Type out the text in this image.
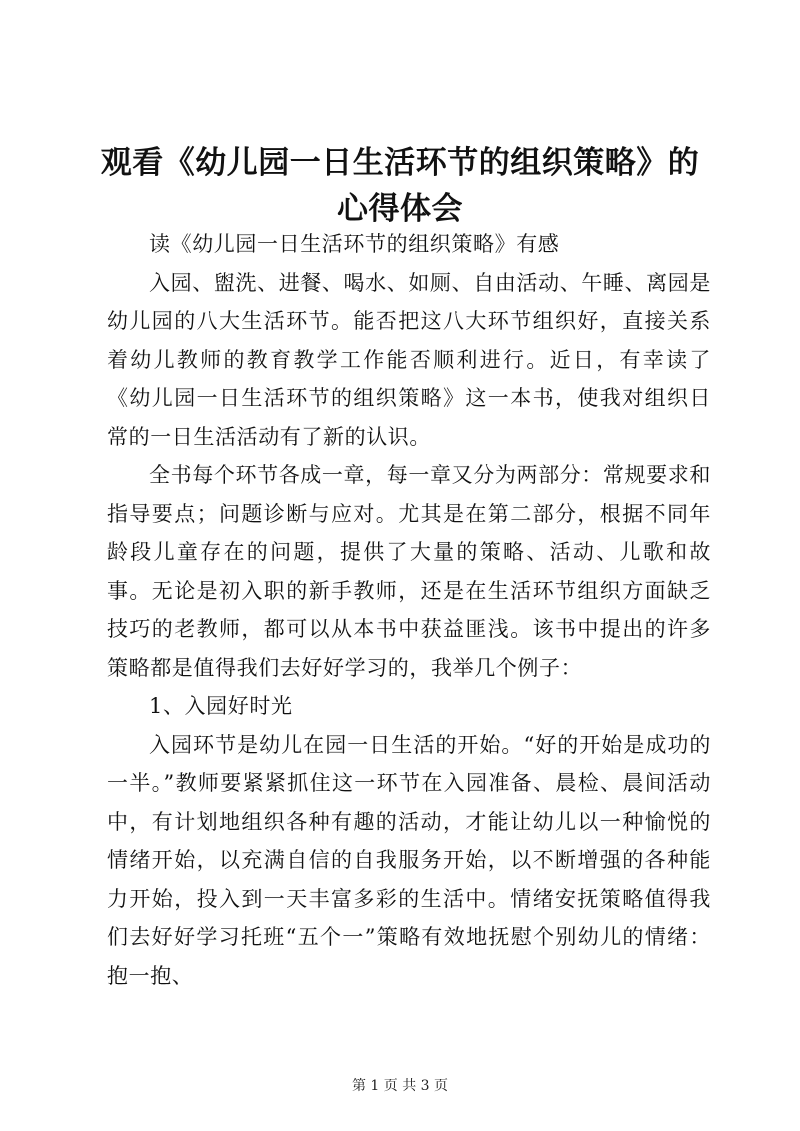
观看《幼儿园一日生活环节的组织策略》的心得体会

读《幼儿园一日生活环节的组织策略》有感

入园、盥洗、进餐、喝水、如厕、自由活动、午睡、离园是幼儿园的八大生活环节。能否把这八大环节组织好，直接关系着幼儿教师的教育教学工作能否顺利进行。近日，有幸读了《幼儿园一日生活环节的组织策略》这一本书，使我对组织日常的一日生活活动有了新的认识。

全书每个环节各成一章，每一章又分为两部分：常规要求和指导要点；问题诊断与应对。尤其是在第二部分，根据不同年龄段儿童存在的问题，提供了大量的策略、活动、儿歌和故事。无论是初入职的新手教师，还是在生活环节组织方面缺乏技巧的老教师，都可以从本书中获益匪浅。该书中提出的许多策略都是值得我们去好好学习的，我举几个例子：

1、入园好时光

入园环节是幼儿在园一日生活的开始。“好的开始是成功的一半。”教师要紧紧抓住这一环节在入园准备、晨检、晨间活动中，有计划地组织各种有趣的活动，才能让幼儿以一种愉悦的情绪开始，以充满自信的自我服务开始，以不断增强的各种能力开始，投入到一天丰富多彩的生活中。情绪安抚策略值得我们去好好学习托班“五个一”策略有效地抚慰个别幼儿的情绪：抱一抱、

第 1 页 共 3 页
